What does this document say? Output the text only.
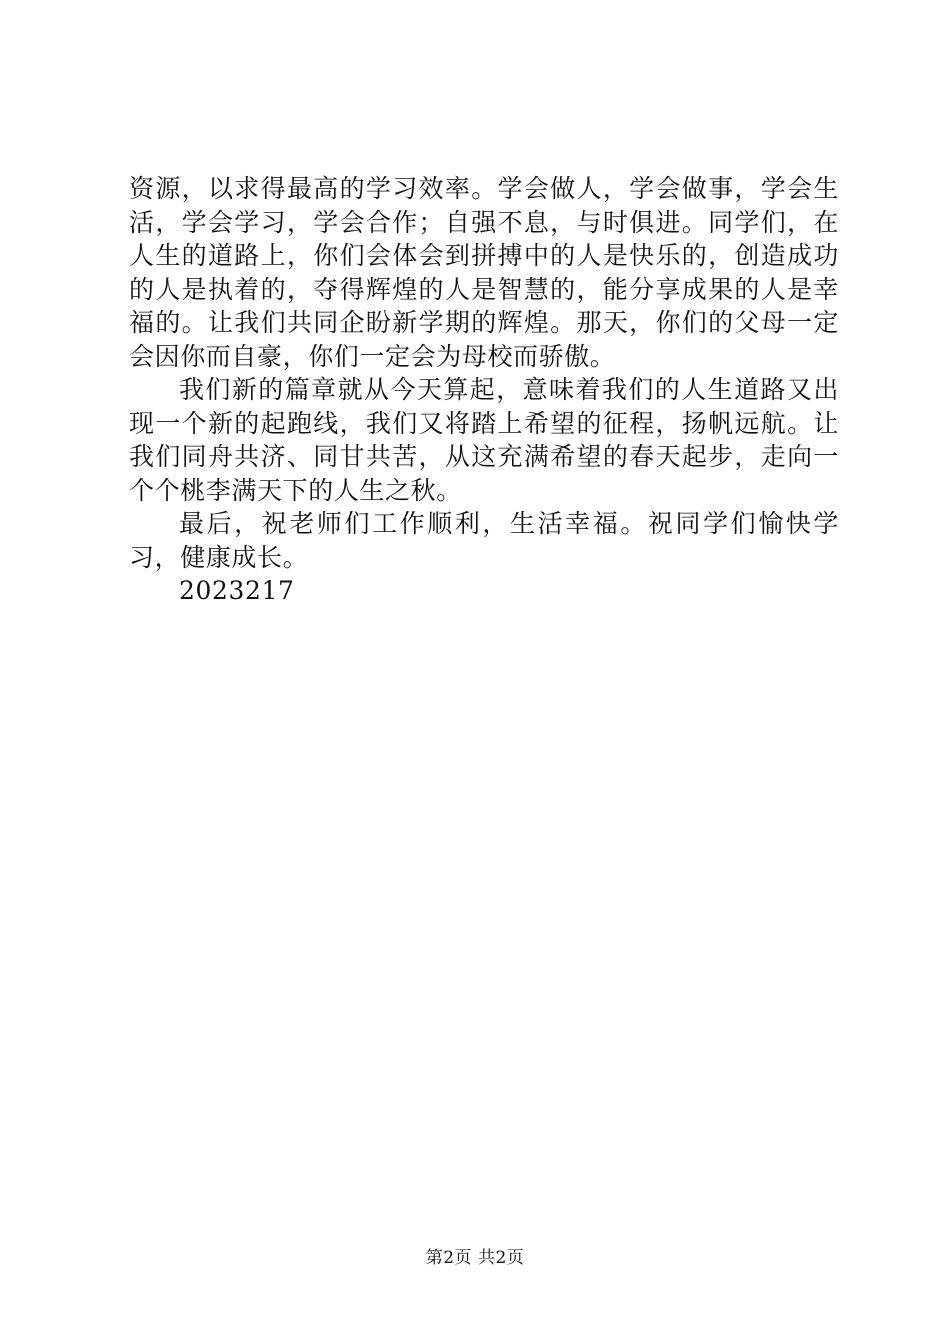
资源，以求得最高的学习效率。学会做人，学会做事，学会生活，学会学习，学会合作；自强不息，与时俱进。同学们，在人生的道路上，你们会体会到拼搏中的人是快乐的，创造成功的人是执着的，夺得辉煌的人是智慧的，能分享成果的人是幸福的。让我们共同企盼新学期的辉煌。那天，你们的父母一定会因你而自豪，你们一定会为母校而骄傲。

我们新的篇章就从今天算起，意味着我们的人生道路又出现一个新的起跑线，我们又将踏上希望的征程，扬帆远航。让我们同舟共济、同甘共苦，从这充满希望的春天起步，走向一个个桃李满天下的人生之秋。

最后，祝老师们工作顺利，生活幸福。祝同学们愉快学习，健康成长。

2023217

第2页 共2页
